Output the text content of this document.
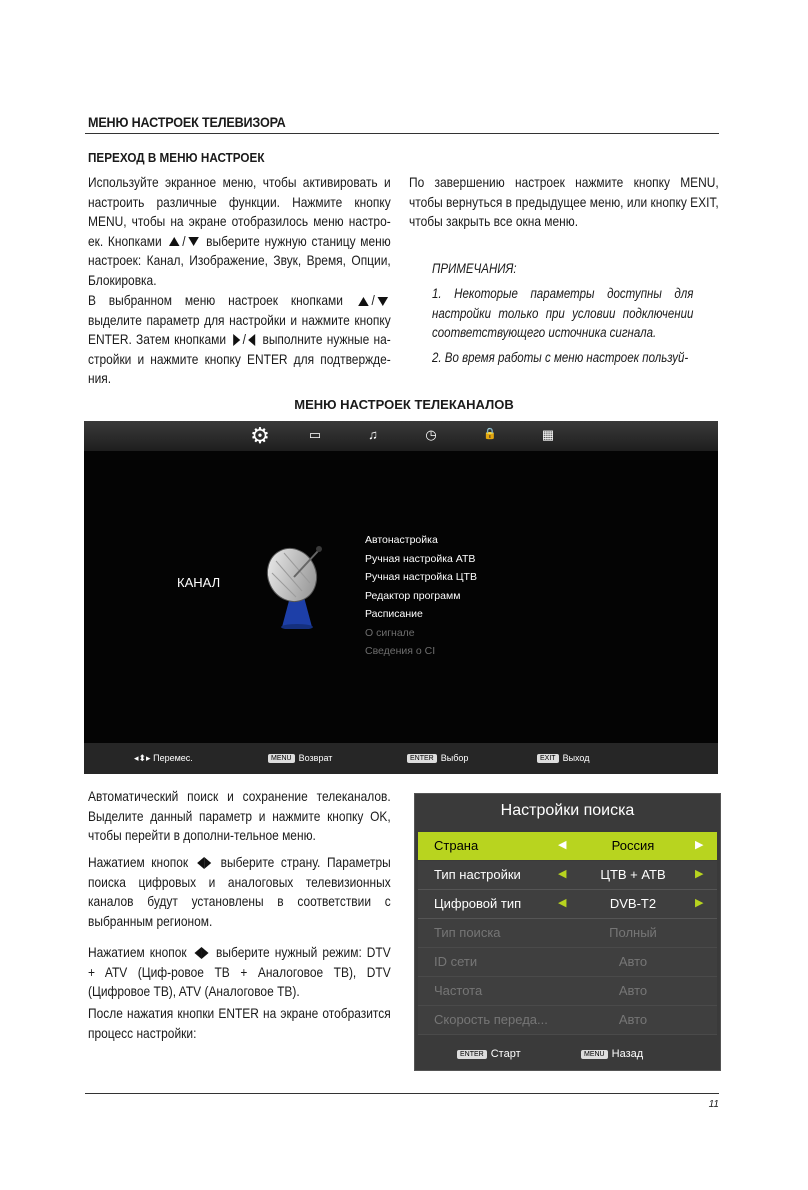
МЕНЮ НАСТРОЕК ТЕЛЕВИЗОРА
ПЕРЕХОД В МЕНЮ НАСТРОЕК
Используйте экранное меню, чтобы активировать и настроить различные функции. Нажмите кнопку MENU, чтобы на экране отобразилось меню настро-ек. Кнопками / выберите нужную станицу меню настроек: Канал, Изображение, Звук, Время, Опции, Блокировка.
В выбранном меню настроек кнопками / выделите параметр для настройки и нажмите кнопку ENTER. Затем кнопками / выполните нужные на-стройки и нажмите кнопку ENTER для подтвержде-ния.
По завершению настроек нажмите кнопку MENU, чтобы вернуться в предыдущее меню, или кнопку EXIT, чтобы закрыть все окна меню.
ПРИМЕЧАНИЯ:
1. Некоторые параметры доступны для настройки только при условии подключении соответствующего источника сигнала.
2. Во время работы с меню настроек пользуй-
МЕНЮ НАСТРОЕК ТЕЛЕКАНАЛОВ
⚙	▭	♫	◷	🔒	▦
КАНАЛ
Автонастройка
Ручная настройка АТВ
Ручная настройка ЦТВ
Редактор программ
Расписание
О сигнале
Сведения о CI
◂⬍▸ Перемес.	MENU Возврат	ENTER Выбор	EXIT Выход
Автоматический поиск и сохранение телеканалов. Выделите данный параметр и нажмите кнопку OK, чтобы перейти в дополни-тельное меню.
Нажатием кнопок выберите страну. Параметры поиска цифровых и аналоговых телевизионных каналов будут установлены в соответствии с выбранным регионом.
Нажатием кнопок выберите нужный режим: DTV + ATV (Циф-ровое ТВ + Аналоговое ТВ), DTV (Цифровое ТВ), ATV (Аналоговое ТВ).
После нажатия кнопки ENTER на экране отобразится процесс настройки:
Настройки поиска
Страна	◀	Россия	▶
Тип настройки	◀	ЦТВ + АТВ	▶
Цифровой тип	◀	DVB-T2	▶
Тип поиска	Полный
ID сети	Авто
Частота	Авто
Скорость переда...	Авто
ENTER Старт	MENU Назад
11
